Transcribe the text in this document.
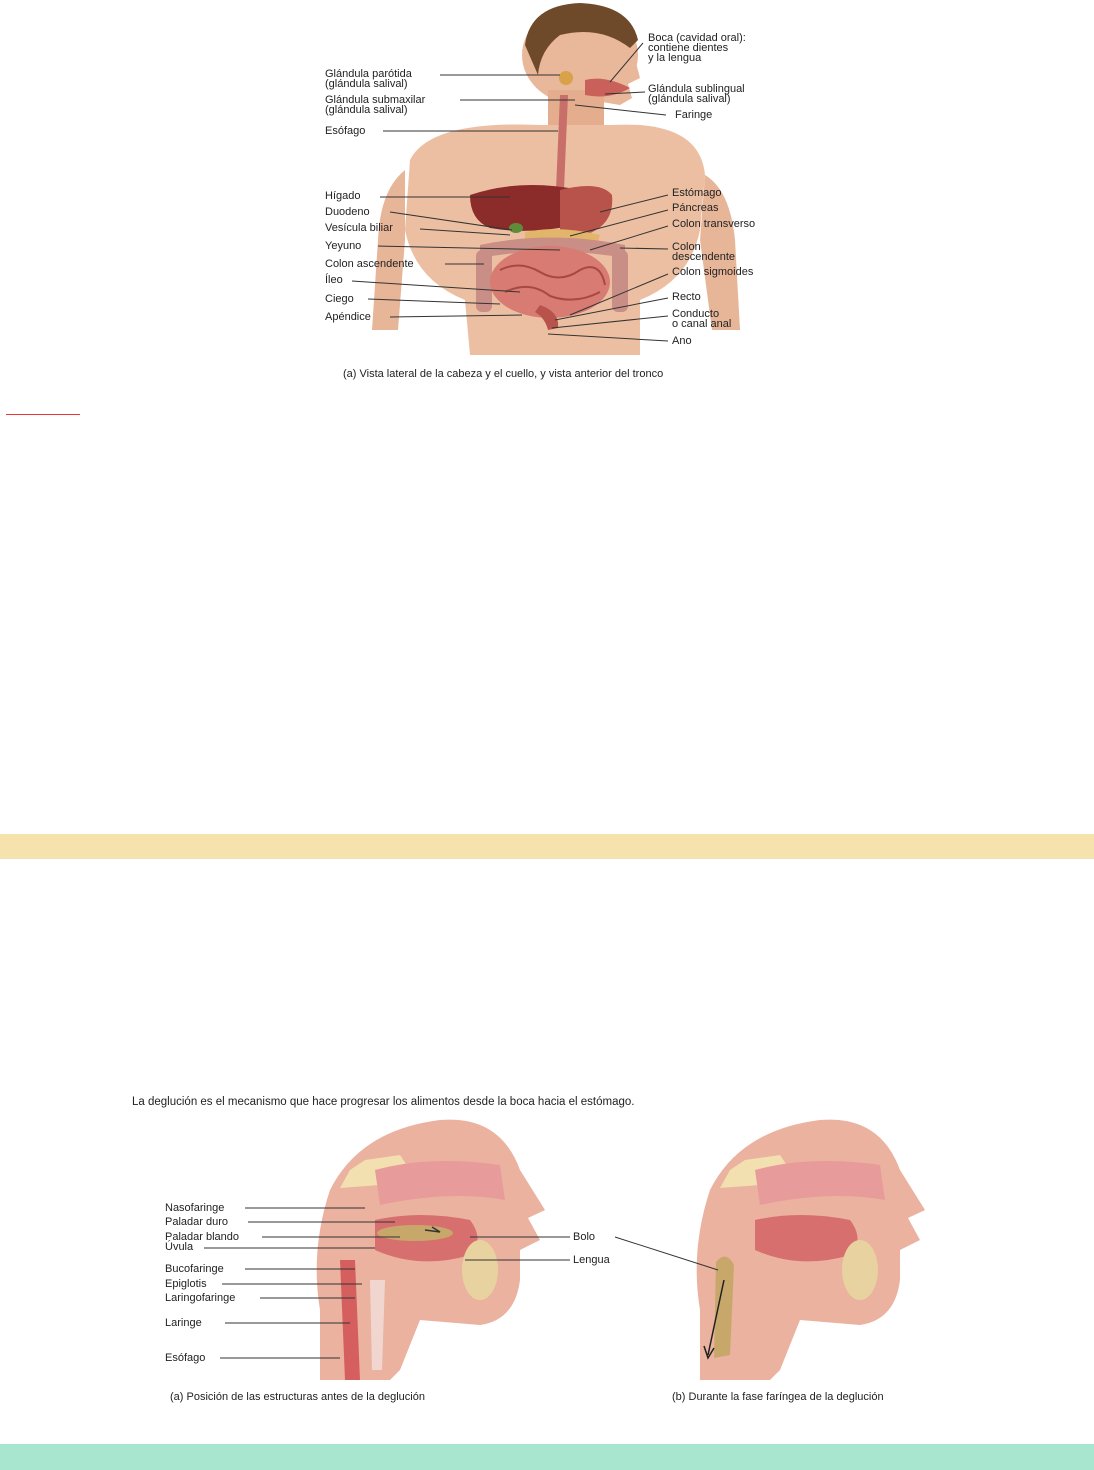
Glándula parótida
(glándula salival)
Glándula submaxilar
(glándula salival)
Esófago
Hígado
Duodeno
Vesícula biliar
Yeyuno
Colon ascendente
Íleo
Ciego
Apéndice
Boca (cavidad oral):
contiene dientes
y la lengua
Glándula sublingual
(glándula salival)
Faringe
Estómago
Páncreas
Colon transverso
Colon
descendente
Colon sigmoides
Recto
Conducto
o canal anal
Ano
(a) Vista lateral de la cabeza y el cuello, y vista anterior del tronco
La deglución es el mecanismo que hace progresar los alimentos desde la boca hacia el estómago.
Nasofaringe
Paladar duro
Paladar blando
Úvula
Bucofaringe
Epiglotis
Laringofaringe
Laringe
Esófago
Bolo
Lengua
(a) Posición de las estructuras antes de la deglución	(b) Durante la fase faríngea de la deglución
